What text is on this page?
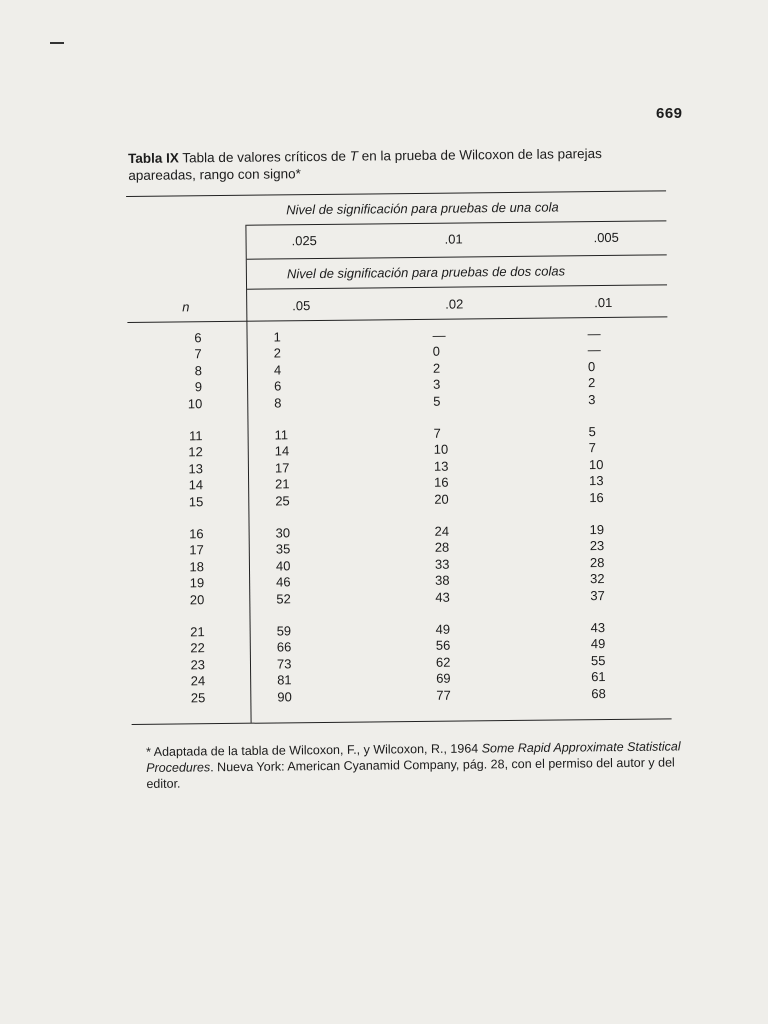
669
Tabla IX Tabla de valores críticos de T en la prueba de Wilcoxon de las parejas apareadas, rango con signo*
Nivel de significación para pruebas de una cola
.025	.01	.005
Nivel de significación para pruebas de dos colas
n	.05	.02	.01
6	1	—	—
7	2	0	—
8	4	2	0
9	6	3	2
10	8	5	3
11	11	7	5
12	14	10	7
13	17	13	10
14	21	16	13
15	25	20	16
16	30	24	19
17	35	28	23
18	40	33	28
19	46	38	32
20	52	43	37
21	59	49	43
22	66	56	49
23	73	62	55
24	81	69	61
25	90	77	68
* Adaptada de la tabla de Wilcoxon, F., y Wilcoxon, R., 1964 Some Rapid Approximate Statistical Procedures. Nueva York: American Cyanamid Company, pág. 28, con el permiso del autor y del editor.
